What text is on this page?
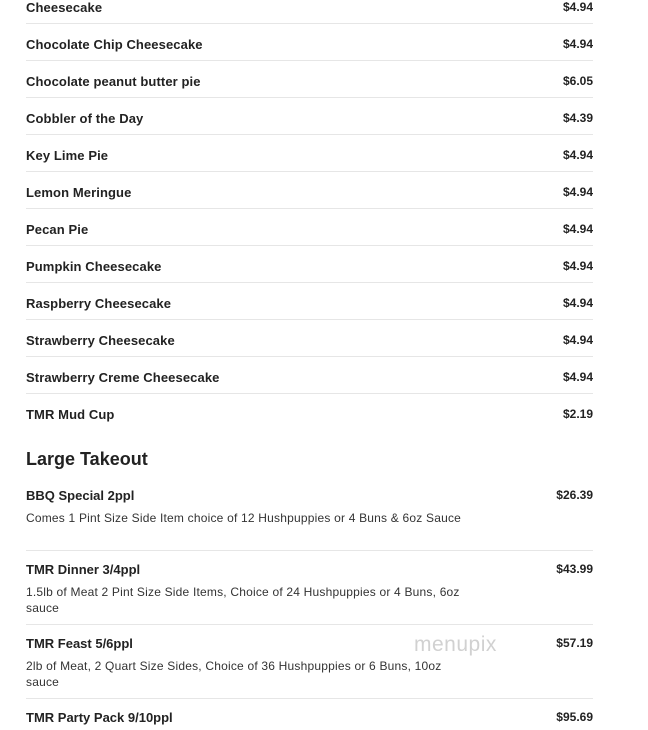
Cheesecake	$4.94
Chocolate Chip Cheesecake	$4.94
Chocolate peanut butter pie	$6.05
Cobbler of the Day	$4.39
Key Lime Pie	$4.94
Lemon Meringue	$4.94
Pecan Pie	$4.94
Pumpkin Cheesecake	$4.94
Raspberry Cheesecake	$4.94
Strawberry Cheesecake	$4.94
Strawberry Creme Cheesecake	$4.94
TMR Mud Cup	$2.19
Large Takeout
BBQ Special 2ppl	$26.39
Comes 1 Pint Size Side Item choice of 12 Hushpuppies or 4 Buns & 6oz Sauce
TMR Dinner 3/4ppl	$43.99
1.5lb of Meat 2 Pint Size Side Items, Choice of 24 Hushpuppies or 4 Buns, 6oz sauce
TMR Feast 5/6ppl	$57.19
2lb of Meat, 2 Quart Size Sides, Choice of 36 Hushpuppies or 6 Buns, 10oz sauce
TMR Party Pack 9/10ppl	$95.69
menupix
